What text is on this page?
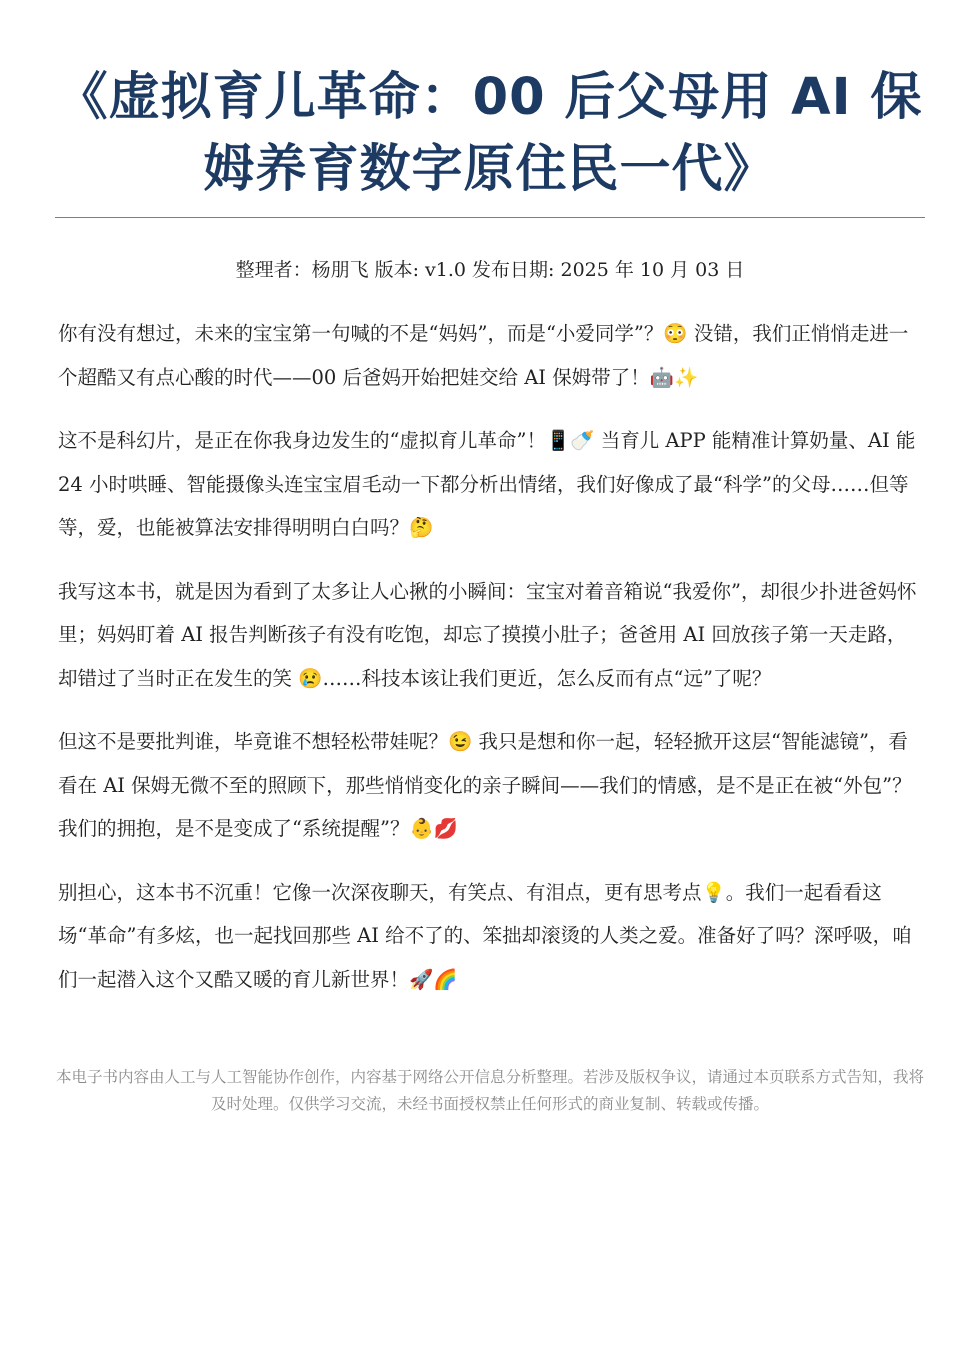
《虚拟育儿革命：00 后父母用 AI 保姆养育数字原住民一代》
整理者：杨朋飞 版本: v1.0 发布日期: 2025 年 10 月 03 日

你有没有想过，未来的宝宝第一句喊的不是“妈妈”，而是“小爱同学”？😳 没错，我们正悄悄走进一个超酷又有点心酸的时代——00 后爸妈开始把娃交给 AI 保姆带了！🤖✨

这不是科幻片，是正在你我身边发生的“虚拟育儿革命”！📱🍼 当育儿 APP 能精准计算奶量、AI 能 24 小时哄睡、智能摄像头连宝宝眉毛动一下都分析出情绪，我们好像成了最“科学”的父母……但等等，爱，也能被算法安排得明明白白吗？🤔

我写这本书，就是因为看到了太多让人心揪的小瞬间：宝宝对着音箱说“我爱你”，却很少扑进爸妈怀里；妈妈盯着 AI 报告判断孩子有没有吃饱，却忘了摸摸小肚子；爸爸用 AI 回放孩子第一天走路，却错过了当时正在发生的笑 😢……科技本该让我们更近，怎么反而有点“远”了呢？

但这不是要批判谁，毕竟谁不想轻松带娃呢？😉 我只是想和你一起，轻轻掀开这层“智能滤镜”，看看在 AI 保姆无微不至的照顾下，那些悄悄变化的亲子瞬间——我们的情感，是不是正在被“外包”？我们的拥抱，是不是变成了“系统提醒”？👶💋

别担心，这本书不沉重！它像一次深夜聊天，有笑点、有泪点，更有思考点💡。我们一起看看这场“革命”有多炫，也一起找回那些 AI 给不了的、笨拙却滚烫的人类之爱。准备好了吗？深呼吸，咱们一起潜入这个又酷又暖的育儿新世界！🚀🌈

本电子书内容由人工与人工智能协作创作，内容基于网络公开信息分析整理。若涉及版权争议，请通过本页联系方式告知，我将及时处理。仅供学习交流，未经书面授权禁止任何形式的商业复制、转载或传播。
